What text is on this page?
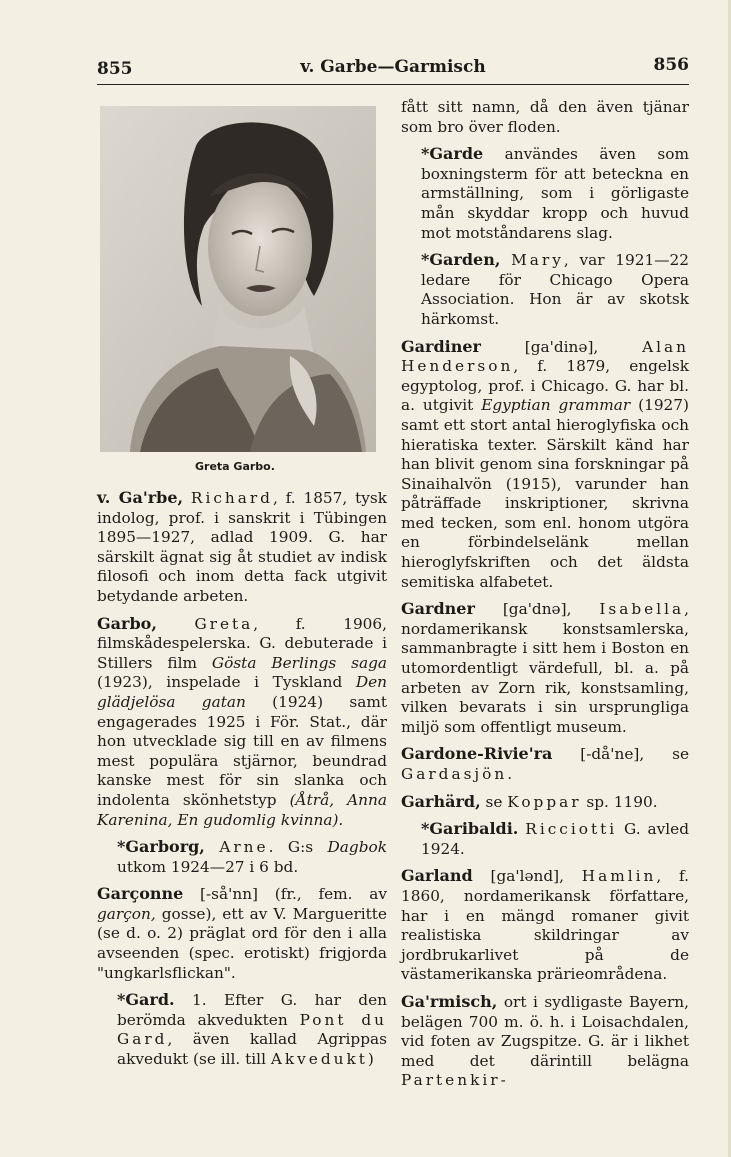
855	v. Garbe—Garmisch	856
Greta Garbo.

v. Ga'rbe, Richard, f. 1857, tysk indolog, prof. i sanskrit i Tübingen 1895—1927, adlad 1909. G. har särskilt ägnat sig åt studiet av indisk filosofi och inom detta fack utgivit betydande arbeten.

Garbo, Greta, f. 1906, filmskådespelerska. G. debuterade i Stillers film Gösta Berlings saga (1923), inspelade i Tyskland Den glädjelösa gatan (1924) samt engagerades 1925 i För. Stat., där hon utvecklade sig till en av filmens mest populära stjärnor, beundrad kanske mest för sin slanka och indolenta skönhetstyp (Åtrå, Anna Karenina, En gudomlig kvinna).

*Garborg, Arne. G:s Dagbok utkom 1924—27 i 6 bd.

Garçonne [-så'nn] (fr., fem. av garçon, gosse), ett av V. Margueritte (se d. o. 2) präglat ord för den i alla avseenden (spec. erotiskt) frigjorda "ungkarlsflickan".

*Gard. 1. Efter G. har den berömda akvedukten Pont du Gard, även kallad Agrippas akvedukt (se ill. till Akvedukt)

fått sitt namn, då den även tjänar som bro över floden.

*Garde användes även som boxningsterm för att beteckna en armställning, som i görligaste mån skyddar kropp och huvud mot motståndarens slag.

*Garden, Mary, var 1921—22 ledare för Chicago Opera Association. Hon är av skotsk härkomst.

Gardiner [ga'dinə], Alan Henderson, f. 1879, engelsk egyptolog, prof. i Chicago. G. har bl. a. utgivit Egyptian grammar (1927) samt ett stort antal hieroglyfiska och hieratiska texter. Särskilt känd har han blivit genom sina forskningar på Sinaihalvön (1915), varunder han påträffade inskriptioner, skrivna med tecken, som enl. honom utgöra en förbindelselänk mellan hieroglyfskriften och det äldsta semitiska alfabetet.

Gardner [ga'dnə], Isabella, nordamerikansk konstsamlerska, sammanbragte i sitt hem i Boston en utomordentligt värdefull, bl. a. på arbeten av Zorn rik, konstsamling, vilken bevarats i sin ursprungliga miljö som offentligt museum.

Gardone-Rivie'ra [-då'ne], se Gardasjön.

Garhärd, se Koppar sp. 1190.

*Garibaldi. Ricciotti G. avled 1924.

Garland [ga'lənd], Hamlin, f. 1860, nordamerikansk författare, har i en mängd romaner givit realistiska skildringar av jordbrukarlivet på de västamerikanska prärieområdena.

Ga'rmisch, ort i sydligaste Bayern, belägen 700 m. ö. h. i Loisachdalen, vid foten av Zugspitze. G. är i likhet med det därintill belägna Partenkir-
